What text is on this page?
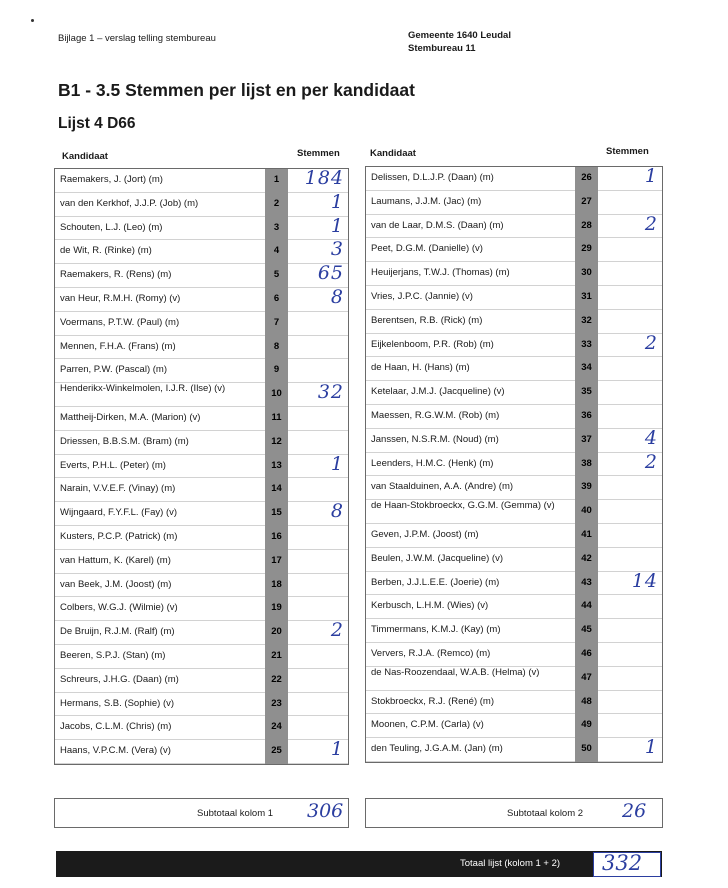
Bijlage 1 – verslag telling stembureau	Gemeente 1640 Leudal
Stembureau 11
B1 - 3.5 Stemmen per lijst en per kandidaat
Lijst 4 D66
Kandidaat	Stemmen	Kandidaat	Stemmen
Raemakers, J. (Jort) (m)	1	184
van den Kerkhof, J.J.P. (Job) (m)	2	1
Schouten, L.J. (Leo) (m)	3	1
de Wit, R. (Rinke) (m)	4	3
Raemakers, R. (Rens) (m)	5	65
van Heur, R.M.H. (Romy) (v)	6	8
Voermans, P.T.W. (Paul) (m)	7
Mennen, F.H.A. (Frans) (m)	8
Parren, P.W. (Pascal) (m)	9
Henderikx-Winkelmolen, I.J.R. (Ilse) (v)	10	32
Mattheij-Dirken, M.A. (Marion) (v)	11
Driessen, B.B.S.M. (Bram) (m)	12
Everts, P.H.L. (Peter) (m)	13	1
Narain, V.V.E.F. (Vinay) (m)	14
Wijngaard, F.Y.F.L. (Fay) (v)	15	8
Kusters, P.C.P. (Patrick) (m)	16
van Hattum, K. (Karel) (m)	17
van Beek, J.M. (Joost) (m)	18
Colbers, W.G.J. (Wilmie) (v)	19
De Bruijn, R.J.M. (Ralf) (m)	20	2
Beeren, S.P.J. (Stan) (m)	21
Schreurs, J.H.G. (Daan) (m)	22
Hermans, S.B. (Sophie) (v)	23
Jacobs, C.L.M. (Chris) (m)	24
Haans, V.P.C.M. (Vera) (v)	25	1
Delissen, D.L.J.P. (Daan) (m)	26	1
Laumans, J.J.M. (Jac) (m)	27
van de Laar, D.M.S. (Daan) (m)	28	2
Peet, D.G.M. (Danielle) (v)	29
Heuijerjans, T.W.J. (Thomas) (m)	30
Vries, J.P.C. (Jannie) (v)	31
Berentsen, R.B. (Rick) (m)	32
Eijkelenboom, P.R. (Rob) (m)	33	2
de Haan, H. (Hans) (m)	34
Ketelaar, J.M.J. (Jacqueline) (v)	35
Maessen, R.G.W.M. (Rob) (m)	36
Janssen, N.S.R.M. (Noud) (m)	37	4
Leenders, H.M.C. (Henk) (m)	38	2
van Staalduinen, A.A. (Andre) (m)	39
de Haan-Stokbroeckx, G.G.M. (Gemma) (v)	40
Geven, J.P.M. (Joost) (m)	41
Beulen, J.W.M. (Jacqueline) (v)	42
Berben, J.J.L.E.E. (Joerie) (m)	43	14
Kerbusch, L.H.M. (Wies) (v)	44
Timmermans, K.M.J. (Kay) (m)	45
Ververs, R.J.A. (Remco) (m)	46
de Nas-Roozendaal, W.A.B. (Helma) (v)	47
Stokbroeckx, R.J. (René) (m)	48
Moonen, C.P.M. (Carla) (v)	49
den Teuling, J.G.A.M. (Jan) (m)	50	1
Subtotaal kolom 1 306	Subtotaal kolom 2 26
Totaal lijst (kolom 1 + 2) 332
